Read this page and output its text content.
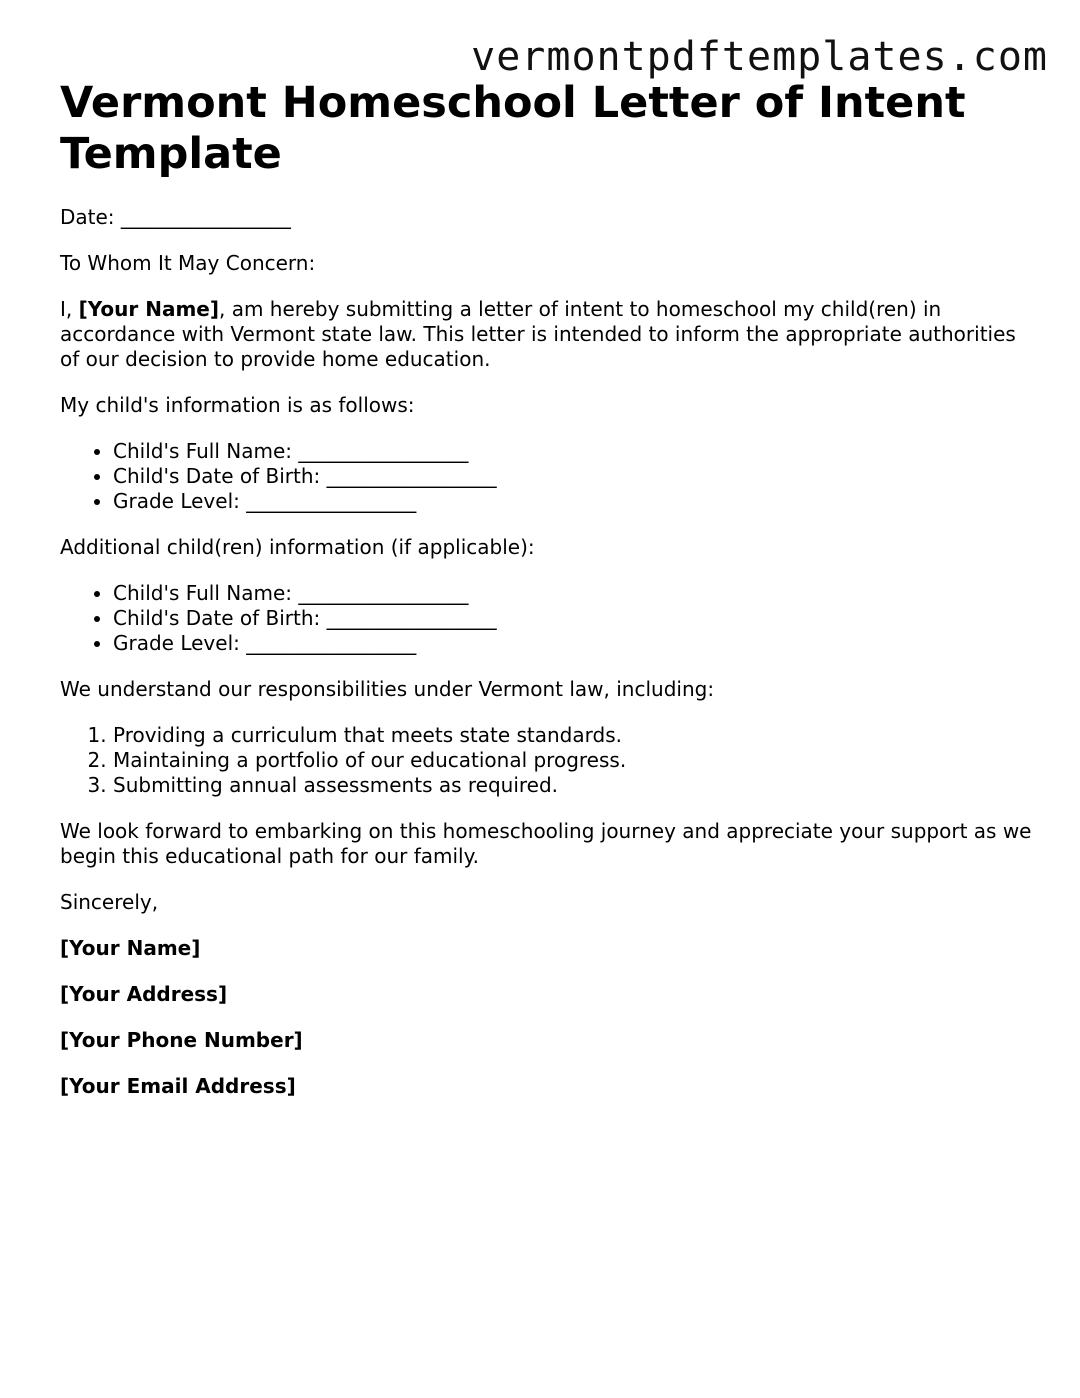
vermontpdftemplates.com
Vermont Homeschool Letter of Intent Template

Date: _________________

To Whom It May Concern:

I, [Your Name], am hereby submitting a letter of intent to homeschool my child(ren) in accordance with Vermont state law. This letter is intended to inform the appropriate authorities of our decision to provide home education.

My child's information is as follows:

• Child's Full Name: _________________
• Child's Date of Birth: _________________
• Grade Level: _________________

Additional child(ren) information (if applicable):

• Child's Full Name: _________________
• Child's Date of Birth: _________________
• Grade Level: _________________

We understand our responsibilities under Vermont law, including:

1. Providing a curriculum that meets state standards.
2. Maintaining a portfolio of our educational progress.
3. Submitting annual assessments as required.

We look forward to embarking on this homeschooling journey and appreciate your support as we begin this educational path for our family.

Sincerely,

[Your Name]

[Your Address]

[Your Phone Number]

[Your Email Address]
